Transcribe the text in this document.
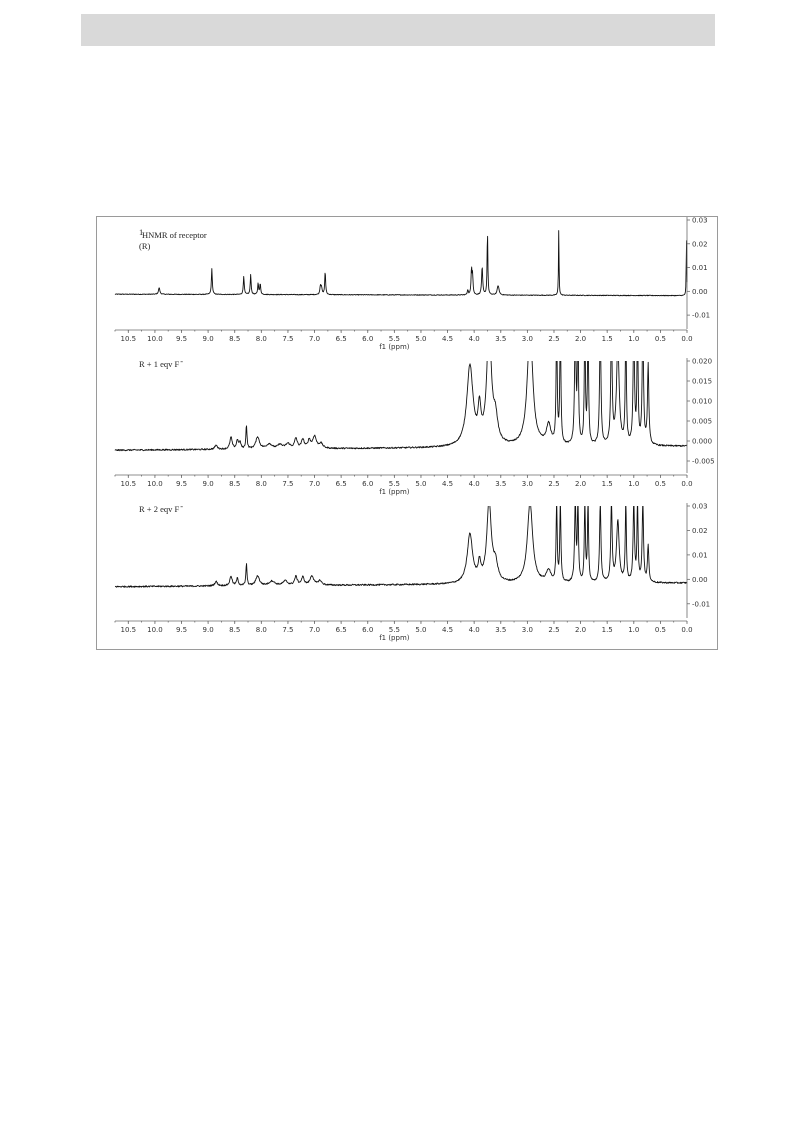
10.5 10.0 9.5 9.0 8.5 8.0 7.5 7.0 6.5 6.0 5.5 5.0 4.5 4.0 3.5 3.0 2.5 2.0 1.5 1.0 0.5 0.0
f1 (ppm)
0.03
0.02
0.01
0.00
-0.01
1
HNMR of receptor
(R)
10.5 10.0 9.5 9.0 8.5 8.0 7.5 7.0 6.5 6.0 5.5 5.0 4.5 4.0 3.5 3.0 2.5 2.0 1.5 1.0 0.5 0.0
f1 (ppm)
0.020
0.015
0.010
0.005
0.000
-0.005
R + 1 eqv F -
10.5 10.0 9.5 9.0 8.5 8.0 7.5 7.0 6.5 6.0 5.5 5.0 4.5 4.0 3.5 3.0 2.5 2.0 1.5 1.0 0.5 0.0
f1 (ppm)
0.03
0.02
0.01
0.00
-0.01
R + 2 eqv F -
